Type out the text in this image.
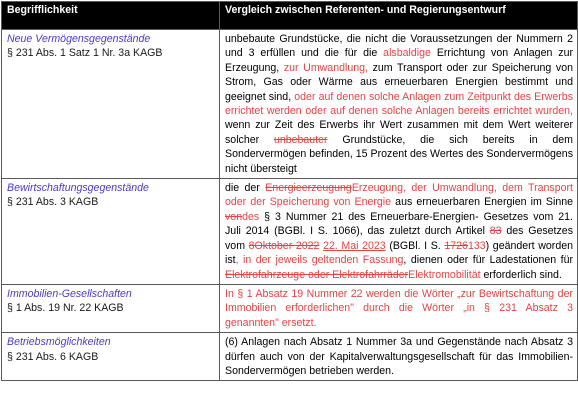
Begrifflichkeit	Vergleich zwischen Referenten- und Regierungsentwurf

Neue Vermögensgegenstände
§ 231 Abs. 1 Satz 1 Nr. 3a KAGB	unbebaute Grundstücke, die nicht die Voraussetzungen der Nummern 2 und 3 erfüllen und die für die alsbaldige Errichtung von Anlagen zur Erzeugung, zur Umwandlung, zum Transport oder zur Speicherung von Strom, Gas oder Wärme aus erneuerbaren Energien bestimmt und geeignet sind, oder auf denen solche Anlagen zum Zeitpunkt des Erwerbs errichtet werden oder auf denen solche Anlagen bereits errichtet wurden, wenn zur Zeit des Erwerbs ihr Wert zusammen mit dem Wert weiterer solcher unbebauter Grundstücke, die sich bereits in dem Sondervermögen befinden, 15 Prozent des Wertes des Sondervermögens nicht übersteigt

Bewirtschaftungsgegenstände
§ 231 Abs. 3 KAGB	die der EnergieerzeugungErzeugung, der Umwandlung, dem Transport oder der Speicherung von Energie aus erneuerbaren Energien im Sinne vondes § 3 Nummer 21 des Erneuerbare-Energien- Gesetzes vom 21. Juli 2014 (BGBl. I S. 1066), das zuletzt durch Artikel 83 des Gesetzes vom 8Oktober 2022 22. Mai 2023 (BGBl. I S. 1726133) geändert worden ist, in der jeweils geltenden Fassung, dienen oder für Ladestationen für Elektrofahrzeuge oder ElektrofahrräderElektromobilität erforderlich sind.

Immobilien-Gesellschaften
§ 1 Abs. 19 Nr. 22 KAGB	In § 1 Absatz 19 Nummer 22 werden die Wörter „zur Bewirtschaftung der Immobilien erforderlichen" durch die Wörter „in § 231 Absatz 3 genannten" ersetzt.

Betriebsmöglichkeiten
§ 231 Abs. 6 KAGB	(6) Anlagen nach Absatz 1 Nummer 3a und Gegenstände nach Absatz 3 dürfen auch von der Kapitalverwaltungsgesellschaft für das Immobilien-Sondervermögen betrieben werden.
